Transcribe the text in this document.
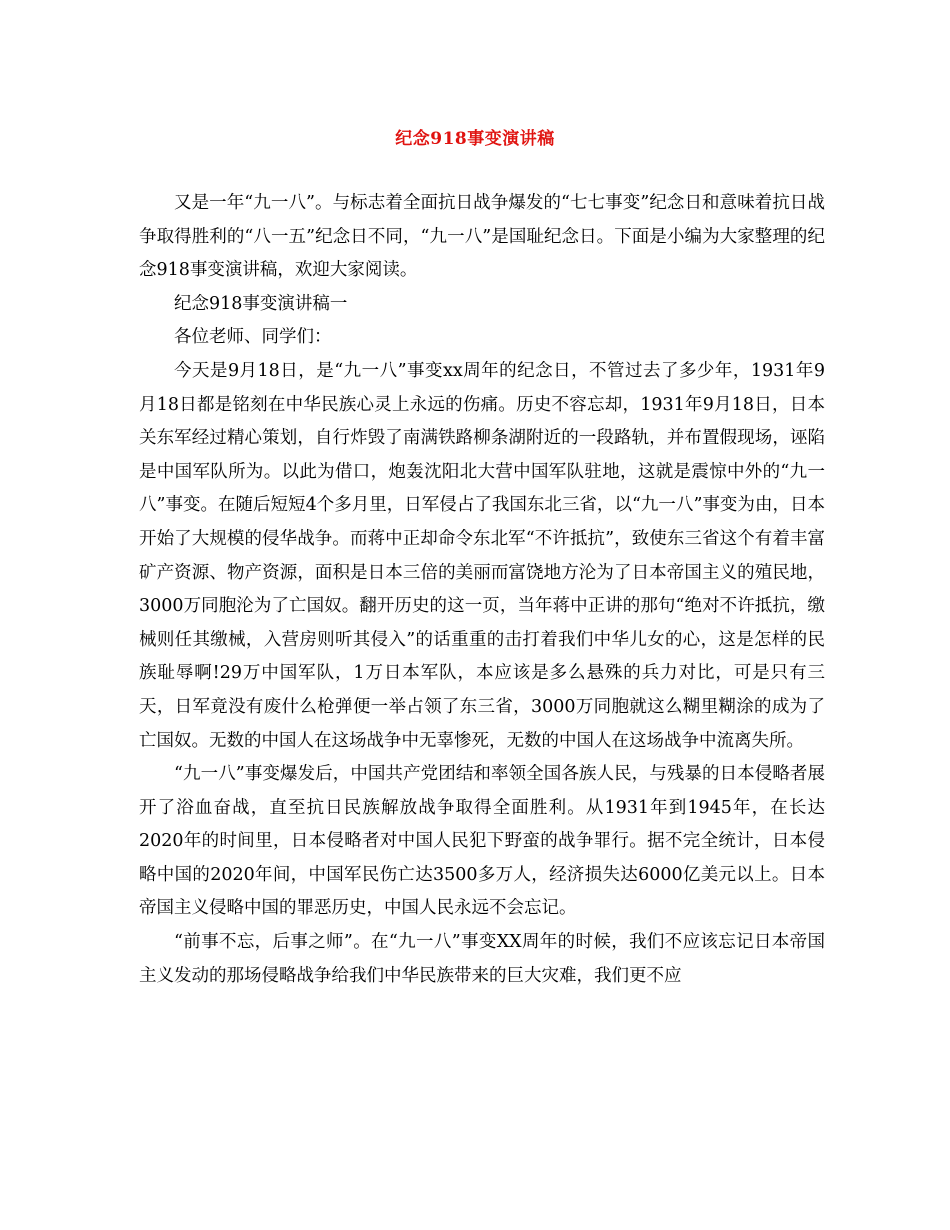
纪念918事变演讲稿

又是一年“九一八”。与标志着全面抗日战争爆发的“七七事变”纪念日和意味着抗日战争取得胜利的“八一五”纪念日不同，“九一八”是国耻纪念日。下面是小编为大家整理的纪念918事变演讲稿，欢迎大家阅读。

纪念918事变演讲稿一

各位老师、同学们：

今天是9月18日，是“九一八”事变xx周年的纪念日，不管过去了多少年，1931年9月18日都是铭刻在中华民族心灵上永远的伤痛。历史不容忘却，1931年9月18日，日本关东军经过精心策划，自行炸毁了南满铁路柳条湖附近的一段路轨，并布置假现场，诬陷是中国军队所为。以此为借口，炮轰沈阳北大营中国军队驻地，这就是震惊中外的“九一八”事变。在随后短短4个多月里，日军侵占了我国东北三省，以“九一八”事变为由，日本开始了大规模的侵华战争。而蒋中正却命令东北军“不许抵抗”，致使东三省这个有着丰富矿产资源、物产资源，面积是日本三倍的美丽而富饶地方沦为了日本帝国主义的殖民地，3000万同胞沦为了亡国奴。翻开历史的这一页，当年蒋中正讲的那句“绝对不许抵抗，缴械则任其缴械，入营房则听其侵入”的话重重的击打着我们中华儿女的心，这是怎样的民族耻辱啊!29万中国军队，1万日本军队，本应该是多么悬殊的兵力对比，可是只有三天，日军竟没有废什么枪弹便一举占领了东三省，3000万同胞就这么糊里糊涂的成为了亡国奴。无数的中国人在这场战争中无辜惨死，无数的中国人在这场战争中流离失所。

“九一八”事变爆发后，中国共产党团结和率领全国各族人民，与残暴的日本侵略者展开了浴血奋战，直至抗日民族解放战争取得全面胜利。从1931年到1945年，在长达2020年的时间里，日本侵略者对中国人民犯下野蛮的战争罪行。据不完全统计，日本侵略中国的2020年间，中国军民伤亡达3500多万人，经济损失达6000亿美元以上。日本帝国主义侵略中国的罪恶历史，中国人民永远不会忘记。

“前事不忘，后事之师”。在“九一八”事变XX周年的时候，我们不应该忘记日本帝国主义发动的那场侵略战争给我们中华民族带来的巨大灾难，我们更不应
